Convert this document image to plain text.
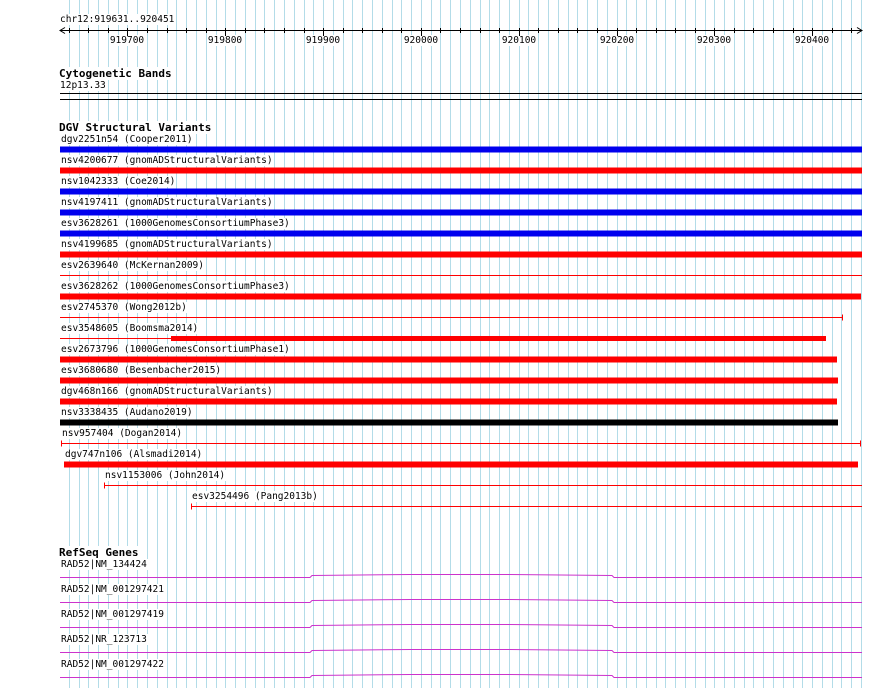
chr12:919631..920451
919700	919800	919900	920000	920100	920200	920300	920400
Cytogenetic Bands
12p13.33
DGV Structural Variants
dgv2251n54 (Cooper2011)
nsv4200677 (gnomADStructuralVariants)
nsv1042333 (Coe2014)
nsv4197411 (gnomADStructuralVariants)
esv3628261 (1000GenomesConsortiumPhase3)
nsv4199685 (gnomADStructuralVariants)
esv2639640 (McKernan2009)
esv3628262 (1000GenomesConsortiumPhase3)
esv2745370 (Wong2012b)
esv3548605 (Boomsma2014)
esv2673796 (1000GenomesConsortiumPhase1)
esv3680680 (Besenbacher2015)
dgv468n166 (gnomADStructuralVariants)
nsv3338435 (Audano2019)
nsv957404 (Dogan2014)
dgv747n106 (Alsmadi2014)
nsv1153006 (John2014)
esv3254496 (Pang2013b)
RefSeq Genes
RAD52|NM_134424
RAD52|NM_001297421
RAD52|NM_001297419
RAD52|NR_123713
RAD52|NM_001297422
